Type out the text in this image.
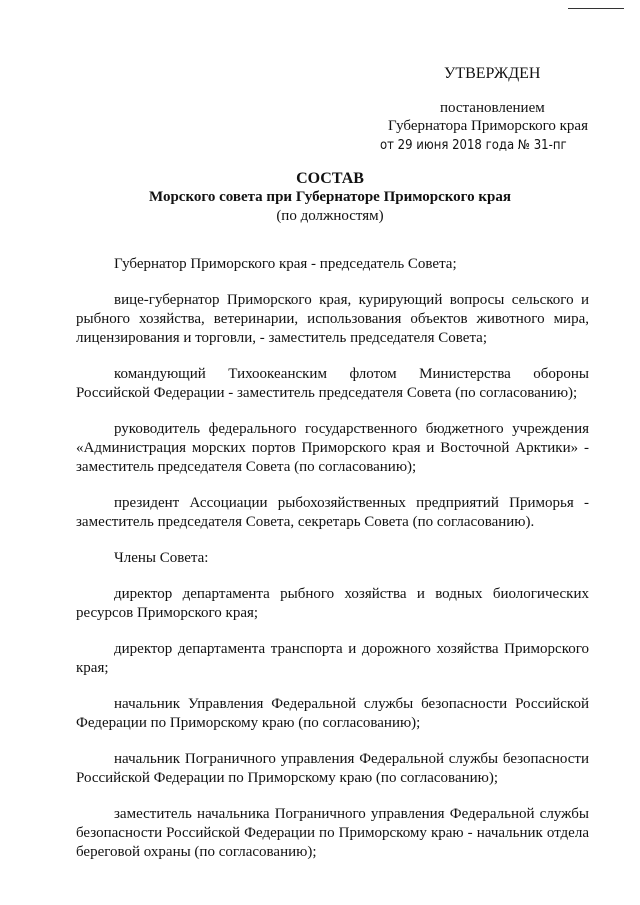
УТВЕРЖДЕН
постановлением
Губернатора Приморского края
от 29 июня 2018 года № 31-пг
СОСТАВ
Морского совета при Губернаторе Приморского края
(по должностям)

Губернатор Приморского края - председатель Совета;

вице-губернатор Приморского края, курирующий вопросы сельского и рыбного хозяйства, ветеринарии, использования объектов животного мира, лицензирования и торговли, - заместитель председателя Совета;

командующий Тихоокеанским флотом Министерства обороны Российской Федерации - заместитель председателя Совета (по согласованию);

руководитель федерального государственного бюджетного учреждения «Администрация морских портов Приморского края и Восточной Арктики» - заместитель председателя Совета (по согласованию);

президент Ассоциации рыбохозяйственных предприятий Приморья - заместитель председателя Совета, секретарь Совета (по согласованию).

Члены Совета:

директор департамента рыбного хозяйства и водных биологических ресурсов Приморского края;

директор департамента транспорта и дорожного хозяйства Приморского края;

начальник Управления Федеральной службы безопасности Российской Федерации по Приморскому краю (по согласованию);

начальник Пограничного управления Федеральной службы безопасности Российской Федерации по Приморскому краю (по согласованию);

заместитель начальника Пограничного управления Федеральной службы безопасности Российской Федерации по Приморскому краю - начальник отдела береговой охраны (по согласованию);
